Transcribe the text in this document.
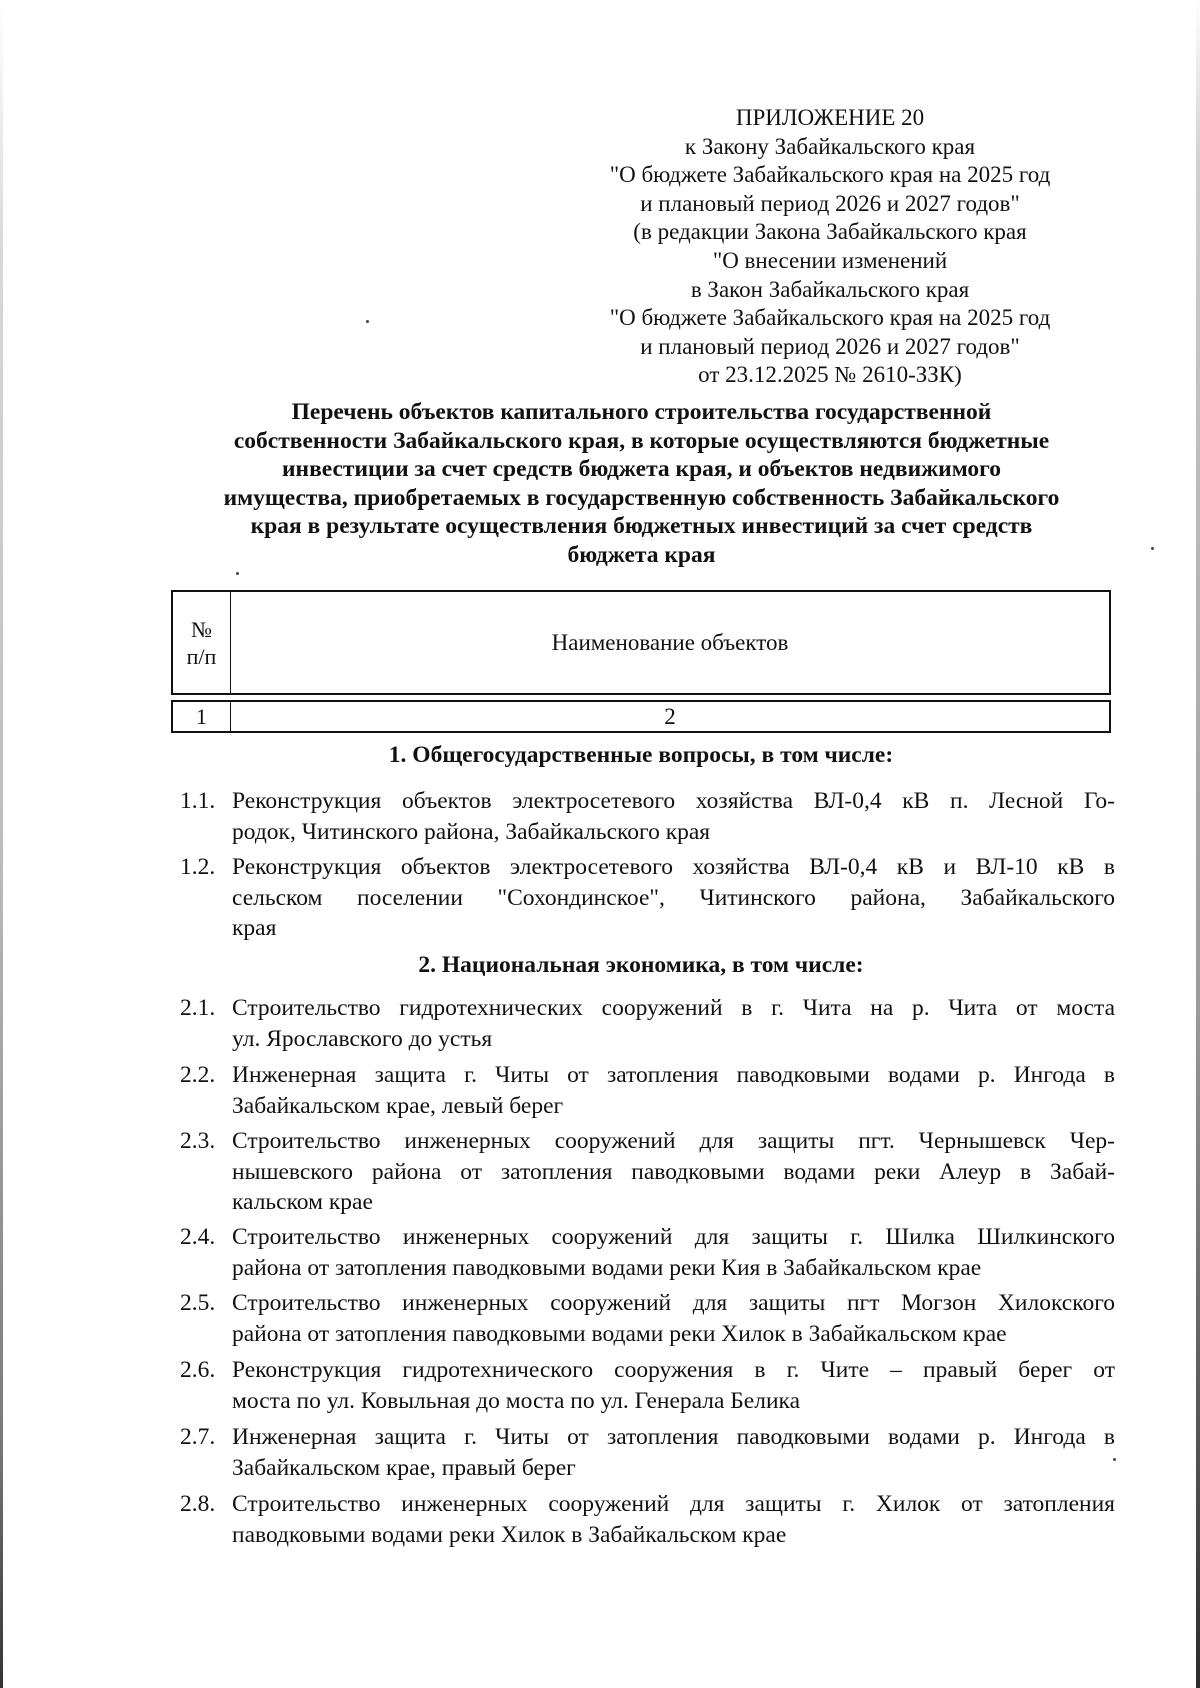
ПРИЛОЖЕНИЕ 20
к Закону Забайкальского края
"О бюджете Забайкальского края на 2025 год
и плановый период 2026 и 2027 годов"
(в редакции Закона Забайкальского края
"О внесении изменений
в Закон Забайкальского края
"О бюджете Забайкальского края на 2025 год
и плановый период 2026 и 2027 годов"
от 23.12.2025 № 2610-ЗЗК)
Перечень объектов капитального строительства государственной
собственности Забайкальского края, в которые осуществляются бюджетные
инвестиции за счет средств бюджета края, и объектов недвижимого
имущества, приобретаемых в государственную собственность Забайкальского
края в результате осуществления бюджетных инвестиций за счет средств
бюджета края
№
п/п
Наименование объектов
1	2
1. Общегосударственные вопросы, в том числе:
1.1. Реконструкция объектов электросетевого хозяйства ВЛ-0,4 кВ п. Лесной Го-
родок, Читинского района, Забайкальского края
1.2. Реконструкция объектов электросетевого хозяйства ВЛ-0,4 кВ и ВЛ-10 кВ в
сельском поселении "Сохондинское", Читинского района, Забайкальского
края
2. Национальная экономика, в том числе:
2.1. Строительство гидротехнических сооружений в г. Чита на р. Чита от моста
ул. Ярославского до устья
2.2. Инженерная защита г. Читы от затопления паводковыми водами р. Ингода в
Забайкальском крае, левый берег
2.3. Строительство инженерных сооружений для защиты пгт. Чернышевск Чер-
нышевского района от затопления паводковыми водами реки Алеур в Забай-
кальском крае
2.4. Строительство инженерных сооружений для защиты г. Шилка Шилкинского
района от затопления паводковыми водами реки Кия в Забайкальском крае
2.5. Строительство инженерных сооружений для защиты пгт Могзон Хилокского
района от затопления паводковыми водами реки Хилок в Забайкальском крае
2.6. Реконструкция гидротехнического сооружения в г. Чите – правый берег от
моста по ул. Ковыльная до моста по ул. Генерала Белика
2.7. Инженерная защита г. Читы от затопления паводковыми водами р. Ингода в
Забайкальском крае, правый берег
2.8. Строительство инженерных сооружений для защиты г. Хилок от затопления
паводковыми водами реки Хилок в Забайкальском крае
